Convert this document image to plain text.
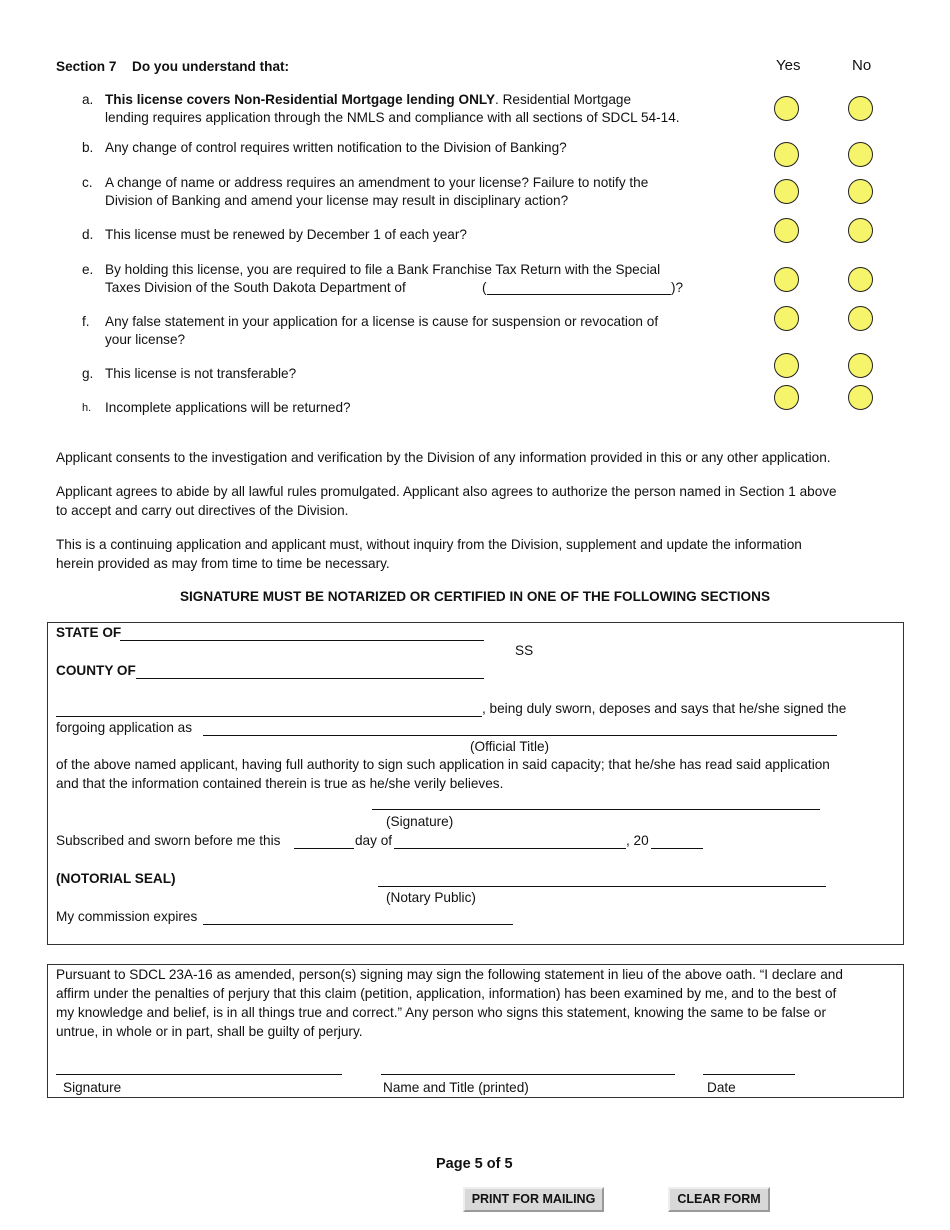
Section 7 Do you understand that:	Yes	No
a. This license covers Non-Residential Mortgage lending ONLY. Residential Mortgage
lending requires application through the NMLS and compliance with all sections of SDCL 54-14.
b. Any change of control requires written notification to the Division of Banking?
c. A change of name or address requires an amendment to your license? Failure to notify the
Division of Banking and amend your license may result in disciplinary action?
d. This license must be renewed by December 1 of each year?
e. By holding this license, you are required to file a Bank Franchise Tax Return with the Special
Taxes Division of the South Dakota Department of	(	)?
f.	Any false statement in your application for a license is cause for suspension or revocation of
your license?
g. This license is not transferable?
h.	Incomplete applications will be returned?
Applicant consents to the investigation and verification by the Division of any information provided in this or any other application.
Applicant agrees to abide by all lawful rules promulgated. Applicant also agrees to authorize the person named in Section 1 above
to accept and carry out directives of the Division.
This is a continuing application and applicant must, without inquiry from the Division, supplement and update the information
herein provided as may from time to time be necessary.
SIGNATURE MUST BE NOTARIZED OR CERTIFIED IN ONE OF THE FOLLOWING SECTIONS
STATE OF
SS
COUNTY OF
, being duly sworn, deposes and says that he/she signed the
forgoing application as
(Official Title)
of the above named applicant, having full authority to sign such application in said capacity; that he/she has read said application
and that the information contained therein is true as he/she verily believes.
(Signature)
Subscribed and sworn before me this	day of	, 20
(NOTORIAL SEAL)
(Notary Public)
My commission expires
Pursuant to SDCL 23A-16 as amended, person(s) signing may sign the following statement in lieu of the above oath. “I declare and
affirm under the penalties of perjury that this claim (petition, application, information) has been examined by me, and to the best of
my knowledge and belief, is in all things true and correct.” Any person who signs this statement, knowing the same to be false or
untrue, in whole or in part, shall be guilty of perjury.
Signature	Name and Title (printed)	Date
Page 5 of 5
PRINT FOR MAILING	CLEAR FORM
